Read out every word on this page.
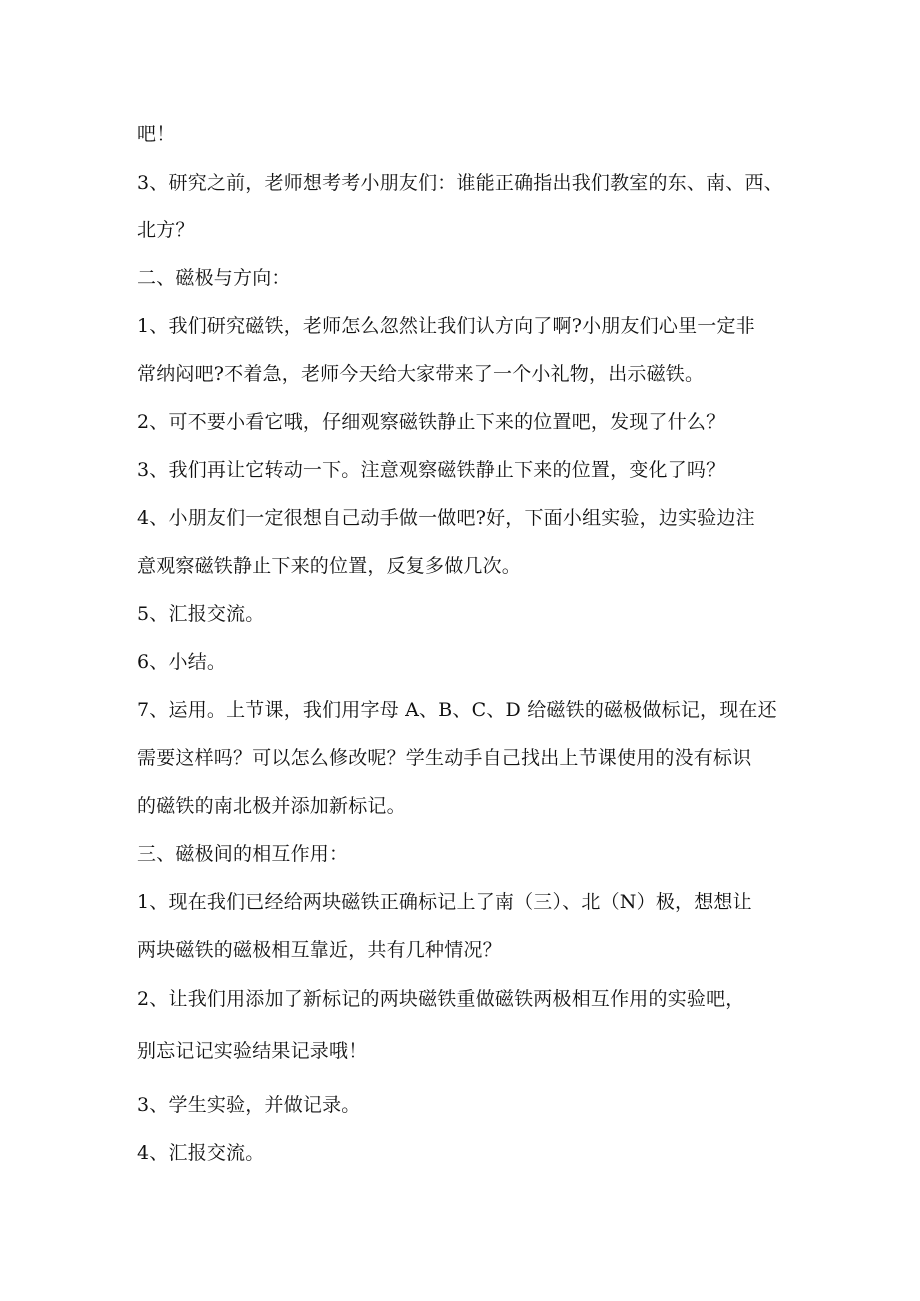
吧！
3、研究之前，老师想考考小朋友们：谁能正确指出我们教室的东、南、西、
北方？
二、磁极与方向：
1、我们研究磁铁，老师怎么忽然让我们认方向了啊?小朋友们心里一定非
常纳闷吧?不着急，老师今天给大家带来了一个小礼物，出示磁铁。
2、可不要小看它哦，仔细观察磁铁静止下来的位置吧，发现了什么？
3、我们再让它转动一下。注意观察磁铁静止下来的位置，变化了吗？
4、小朋友们一定很想自己动手做一做吧?好，下面小组实验，边实验边注
意观察磁铁静止下来的位置，反复多做几次。
5、汇报交流。
6、小结。
7、运用。上节课，我们用字母 A、B、C、D 给磁铁的磁极做标记，现在还
需要这样吗？可以怎么修改呢？学生动手自己找出上节课使用的没有标识
的磁铁的南北极并添加新标记。
三、磁极间的相互作用：
1、现在我们已经给两块磁铁正确标记上了南（三）、北（N）极，想想让
两块磁铁的磁极相互靠近，共有几种情况？
2、让我们用添加了新标记的两块磁铁重做磁铁两极相互作用的实验吧，
别忘记记实验结果记录哦！
3、学生实验，并做记录。
4、汇报交流。
